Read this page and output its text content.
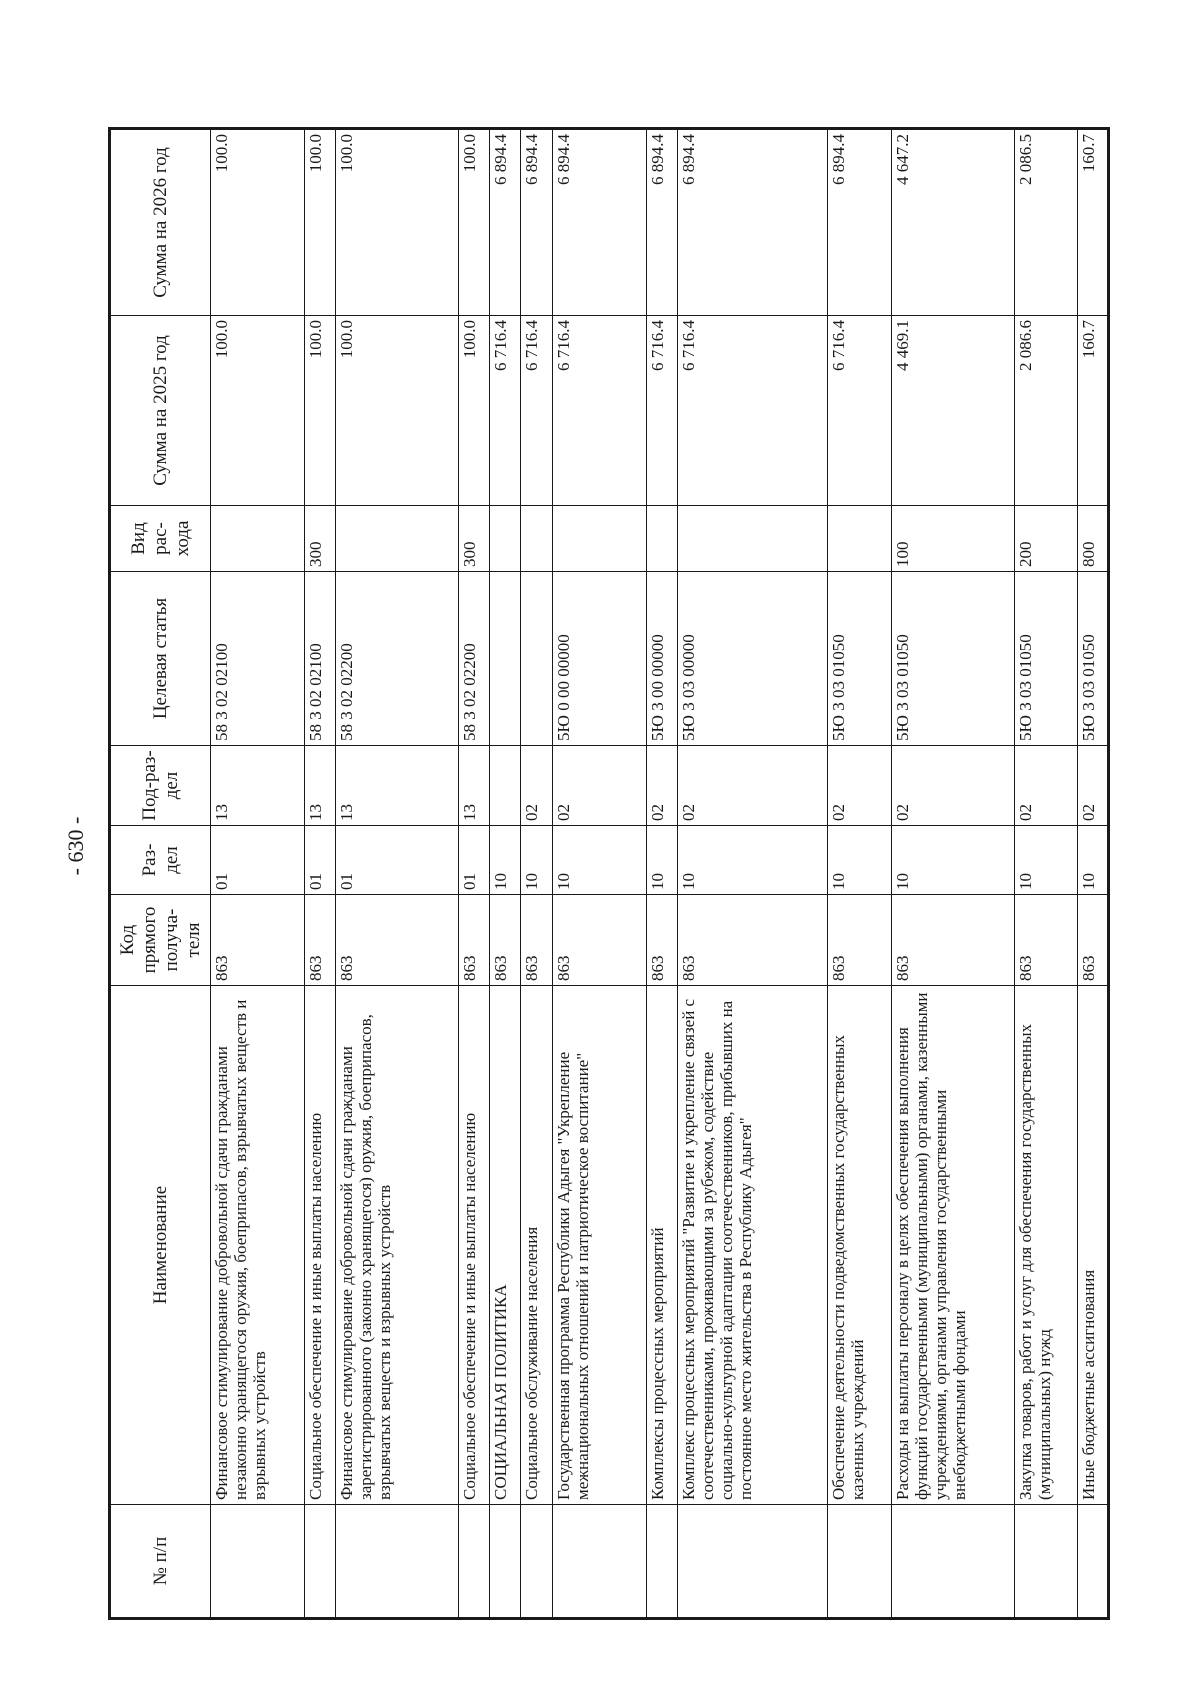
- 630 -
№ п/п	Наименование	Код прямого получа-теля	Раз-дел	Под-раз-дел	Целевая статья	Вид рас-хода	Сумма на 2025 год	Сумма на 2026 год
	Финансовое стимулирование добровольной сдачи гражданами незаконно хранящегося оружия, боеприпасов, взрывчатых веществ и взрывных устройств	863	01	13	58 3 02 02100		100.0	100.0
	Социальное обеспечение и иные выплаты населению	863	01	13	58 3 02 02100	300	100.0	100.0
	Финансовое стимулирование добровольной сдачи гражданами зарегистрированного (законно хранящегося) оружия, боеприпасов, взрывчатых веществ и взрывных устройств	863	01	13	58 3 02 02200		100.0	100.0
	Социальное обеспечение и иные выплаты населению	863	01	13	58 3 02 02200	300	100.0	100.0
	СОЦИАЛЬНАЯ ПОЛИТИКА	863	10				6 716.4	6 894.4
	Социальное обслуживание населения	863	10	02			6 716.4	6 894.4
	Государственная программа Республики Адыгея "Укрепление межнациональных отношений и патриотическое воспитание"	863	10	02	5Ю 0 00 00000		6 716.4	6 894.4
	Комплексы процессных мероприятий	863	10	02	5Ю 3 00 00000		6 716.4	6 894.4
	Комплекс процессных мероприятий "Развитие и укрепление связей с соотечественниками, проживающими за рубежом, содействие социально-культурной адаптации соотечественников, прибывших на постоянное место жительства в Республику Адыгея"	863	10	02	5Ю 3 03 00000		6 716.4	6 894.4
	Обеспечение деятельности подведомственных государственных казенных учреждений	863	10	02	5Ю 3 03 01050		6 716.4	6 894.4
	Расходы на выплаты персоналу в целях обеспечения выполнения функций государственными (муниципальными) органами, казенными учреждениями, органами управления государственными внебюджетными фондами	863	10	02	5Ю 3 03 01050	100	4 469.1	4 647.2
	Закупка товаров, работ и услуг для обеспечения государственных (муниципальных) нужд	863	10	02	5Ю 3 03 01050	200	2 086.6	2 086.5
	Иные бюджетные ассигнования	863	10	02	5Ю 3 03 01050	800	160.7	160.7
